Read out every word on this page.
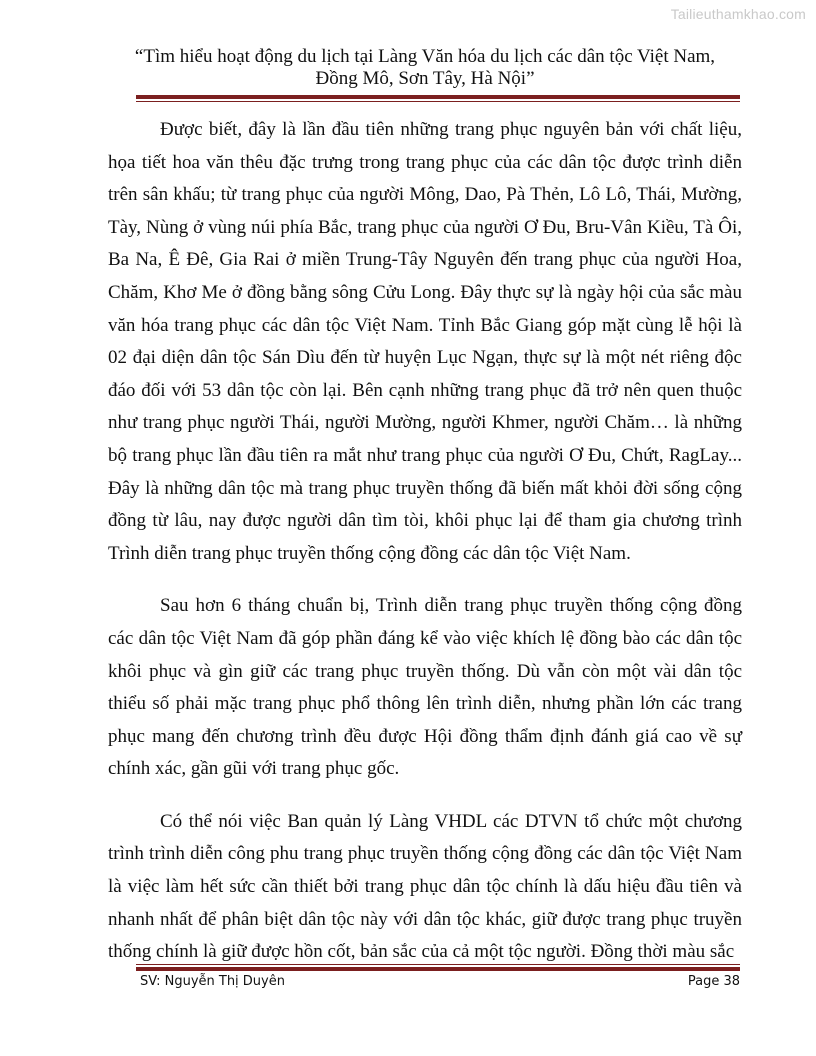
Tailieuthamkhao.com
“Tìm hiểu hoạt động du lịch tại Làng Văn hóa du lịch các dân tộc Việt Nam,
Đồng Mô, Sơn Tây, Hà Nội”

Được biết, đây là lần đầu tiên những trang phục nguyên bản với chất liệu, họa tiết hoa văn thêu đặc trưng trong trang phục của các dân tộc được trình diễn trên sân khấu; từ trang phục của người Mông, Dao, Pà Thẻn, Lô Lô, Thái, Mường, Tày, Nùng ở vùng núi phía Bắc, trang phục của người Ơ Đu, Bru-Vân Kiều, Tà Ôi, Ba Na, Ê Đê, Gia Rai ở miền Trung-Tây Nguyên đến trang phục của người Hoa, Chăm, Khơ Me ở đồng bằng sông Cửu Long. Đây thực sự là ngày hội của sắc màu văn hóa trang phục các dân tộc Việt Nam. Tỉnh Bắc Giang góp mặt cùng lễ hội là 02 đại diện dân tộc Sán Dìu đến từ huyện Lục Ngạn, thực sự là một nét riêng độc đáo đối với 53 dân tộc còn lại. Bên cạnh những trang phục đã trở nên quen thuộc như trang phục người Thái, người Mường, người Khmer, người Chăm… là những bộ trang phục lần đầu tiên ra mắt như trang phục của người Ơ Đu, Chứt, RagLay... Đây là những dân tộc mà trang phục truyền thống đã biến mất khỏi đời sống cộng đồng từ lâu, nay được người dân tìm tòi, khôi phục lại để tham gia chương trình Trình diễn trang phục truyền thống cộng đồng các dân tộc Việt Nam.

Sau hơn 6 tháng chuẩn bị, Trình diễn trang phục truyền thống cộng đồng các dân tộc Việt Nam đã góp phần đáng kể vào việc khích lệ đồng bào các dân tộc khôi phục và gìn giữ các trang phục truyền thống. Dù vẫn còn một vài dân tộc thiểu số phải mặc trang phục phổ thông lên trình diễn, nhưng phần lớn các trang phục mang đến chương trình đều được Hội đồng thẩm định đánh giá cao về sự chính xác, gần gũi với trang phục gốc.

Có thể nói việc Ban quản lý Làng VHDL các DTVN tổ chức một chương trình trình diễn công phu trang phục truyền thống cộng đồng các dân tộc Việt Nam là việc làm hết sức cần thiết bởi trang phục dân tộc chính là dấu hiệu đầu tiên và nhanh nhất để phân biệt dân tộc này với dân tộc khác, giữ được trang phục truyền thống chính là giữ được hồn cốt, bản sắc của cả một tộc người. Đồng thời màu sắc

SV: Nguyễn Thị Duyên	Page 38
